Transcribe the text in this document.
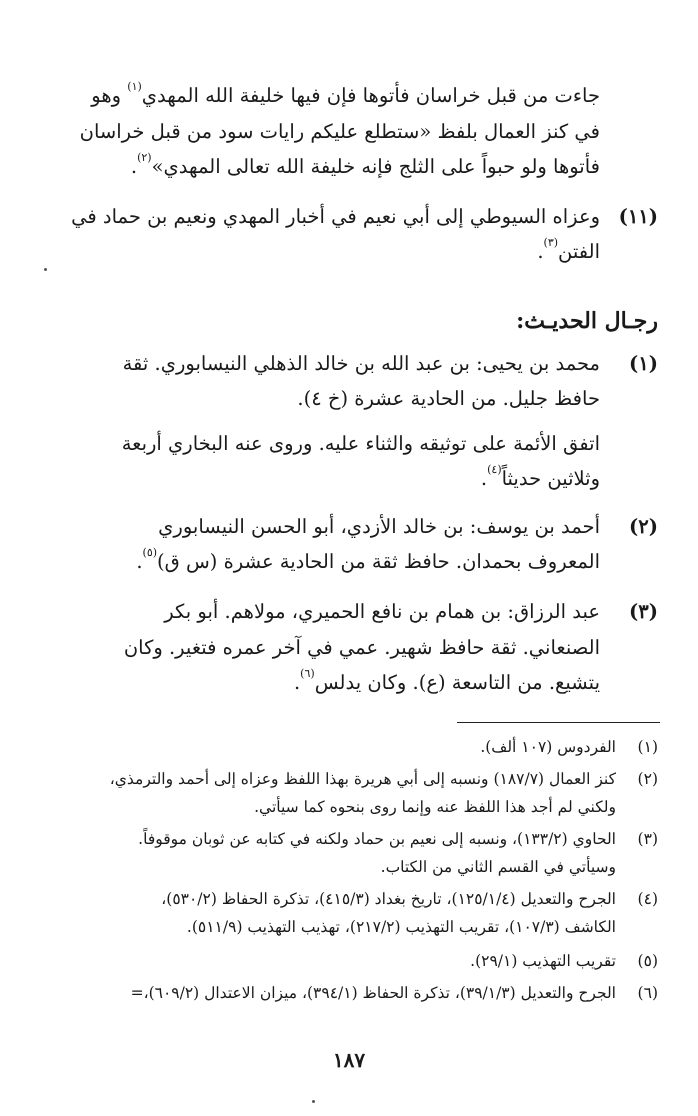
جاءت من قبل خراسان فأتوها فإن فيها خليفة الله المهدي$^{(١)}$ وهو
في كنز العمال بلفظ «ستطلع عليكم رايات سود من قبل خراسان
فأتوها ولو حبواً على الثلج فإنه خليفة الله تعالى المهدي»$^{(٢)}$.
(١١)
وعزاه السيوطي إلى أبي نعيم في أخبار المهدي ونعيم بن حماد في
الفتن$^{(٣)}$.
رجـال الحديـث:
(١)
محمد بن يحيى: بن عبد الله بن خالد الذهلي النيسابوري. ثقة
حافظ جليل. من الحادية عشرة (خ ٤).
اتفق الأئمة على توثيقه والثناء عليه. وروى عنه البخاري أربعة
وثلاثين حديثاً$^{(٤)}$.
(٢)
أحمد بن يوسف: بن خالد الأزدي، أبو الحسن النيسابوري
المعروف بحمدان. حافظ ثقة من الحادية عشرة (س ق)$^{(٥)}$.
(٣)
عبد الرزاق: بن همام بن نافع الحميري، مولاهم. أبو بكر
الصنعاني. ثقة حافظ شهير. عمي في آخر عمره فتغير. وكان
يتشيع. من التاسعة (ع). وكان يدلس$^{(٦)}$.
(١)
الفردوس (١٠٧ ألف).
(٢)
كنز العمال (١٨٧/٧) ونسبه إلى أبي هريرة بهذا اللفظ وعزاه إلى أحمد والترمذي،
ولكني لم أجد هذا اللفظ عنه وإنما روى بنحوه كما سيأتي.
(٣)
الحاوي (١٣٣/٢)، ونسبه إلى نعيم بن حماد ولكنه في كتابه عن ثوبان موقوفاً.
وسيأتي في القسم الثاني من الكتاب.
(٤)
الجرح والتعديل (١٢٥/١/٤)، تاريخ بغداد (٤١٥/٣)، تذكرة الحفاظ (٥٣٠/٢)،
الكاشف (١٠٧/٣)، تقريب التهذيب (٢١٧/٢)، تهذيب التهذيب (٥١١/٩).
(٥)
تقريب التهذيب (٢٩/١).
(٦)
الجرح والتعديل (٣٩/١/٣)، تذكرة الحفاظ (٣٩٤/١)، ميزان الاعتدال (٦٠٩/٢)،=
١٨٧
